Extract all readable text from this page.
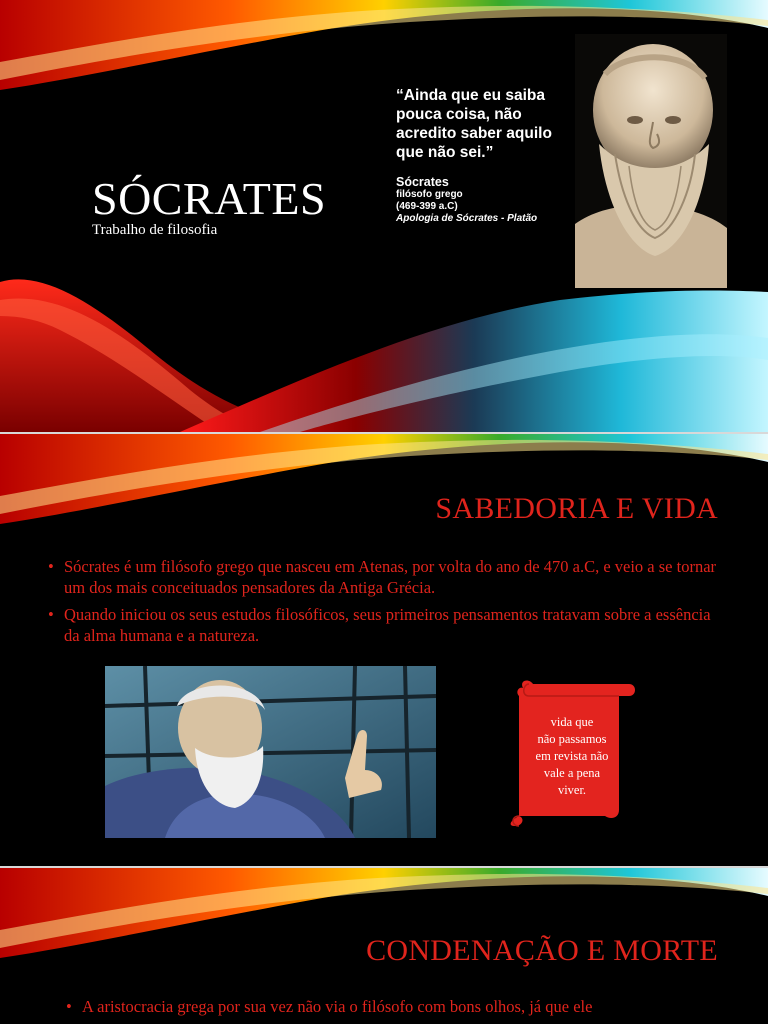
SÓCRATES
Trabalho de filosofia
“Ainda que eu saiba
pouca coisa, não
acredito saber aquilo
que não sei.”
Sócrates
filósofo grego
(469-399 a.C)
Apologia de Sócrates - Platão
SABEDORIA E VIDA
• Sócrates é um filósofo grego que nasceu em Atenas, por volta do ano de 470 a.C, e veio a se tornar um dos mais conceituados pensadores da Antiga Grécia.
• Quando iniciou os seus estudos filosóficos, seus primeiros pensamentos tratavam sobre a essência da alma humana e a natureza.
vida que
não passamos
em revista não
vale a pena
viver.
CONDENAÇÃO E MORTE
• A aristocracia grega por sua vez não via o filósofo com bons olhos, já que ele
